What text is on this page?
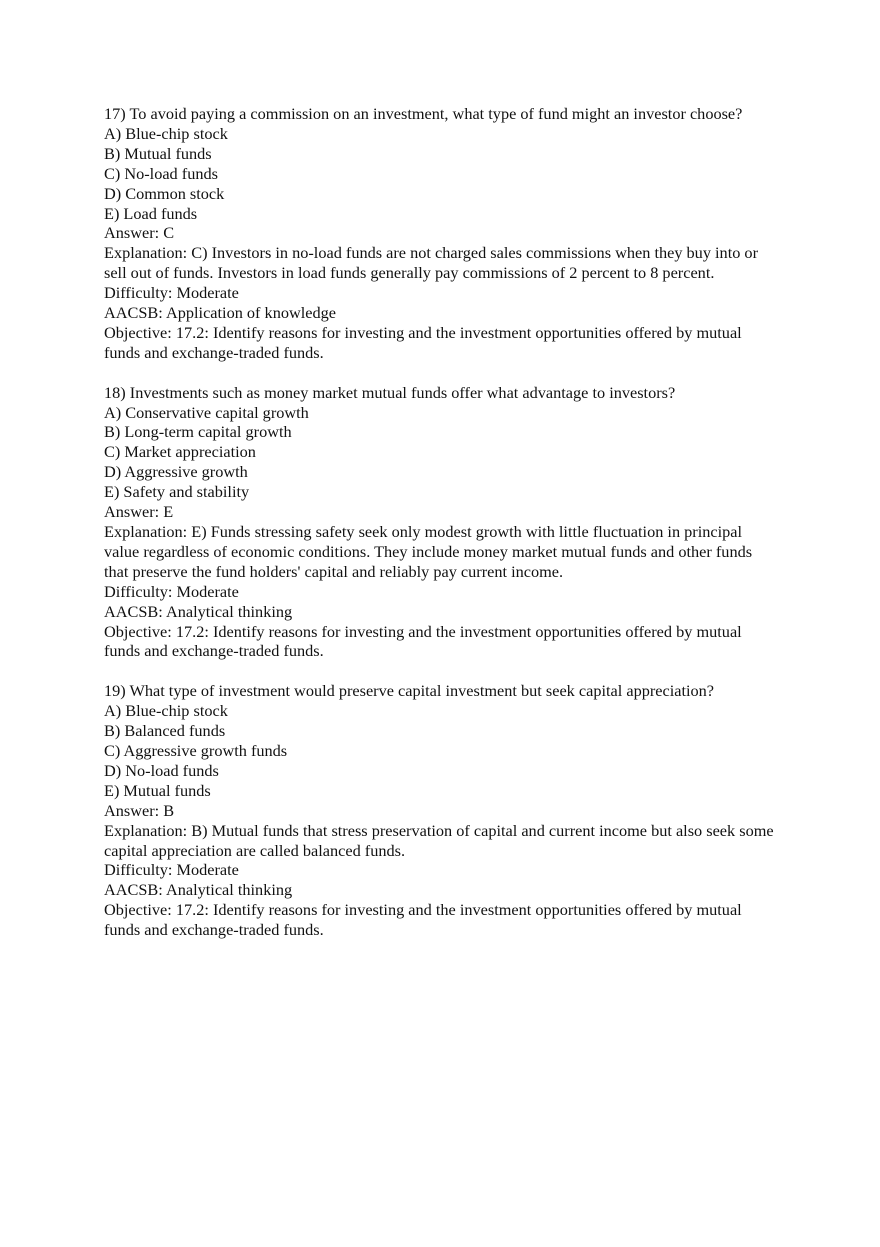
17) To avoid paying a commission on an investment, what type of fund might an investor choose?

A) Blue-chip stock

B) Mutual funds

C) No-load funds

D) Common stock

E) Load funds

Answer: C

Explanation: C) Investors in no-load funds are not charged sales commissions when they buy into or sell out of funds. Investors in load funds generally pay commissions of 2 percent to 8 percent.

Difficulty: Moderate

AACSB: Application of knowledge

Objective: 17.2: Identify reasons for investing and the investment opportunities offered by mutual funds and exchange-traded funds.

18) Investments such as money market mutual funds offer what advantage to investors?

A) Conservative capital growth

B) Long-term capital growth

C) Market appreciation

D) Aggressive growth

E) Safety and stability

Answer: E

Explanation: E) Funds stressing safety seek only modest growth with little fluctuation in principal value regardless of economic conditions. They include money market mutual funds and other funds that preserve the fund holders' capital and reliably pay current income.

Difficulty: Moderate

AACSB: Analytical thinking

Objective: 17.2: Identify reasons for investing and the investment opportunities offered by mutual funds and exchange-traded funds.

19) What type of investment would preserve capital investment but seek capital appreciation?

A) Blue-chip stock

B) Balanced funds

C) Aggressive growth funds

D) No-load funds

E) Mutual funds

Answer: B

Explanation: B) Mutual funds that stress preservation of capital and current income but also seek some capital appreciation are called balanced funds.

Difficulty: Moderate

AACSB: Analytical thinking

Objective: 17.2: Identify reasons for investing and the investment opportunities offered by mutual funds and exchange-traded funds.
